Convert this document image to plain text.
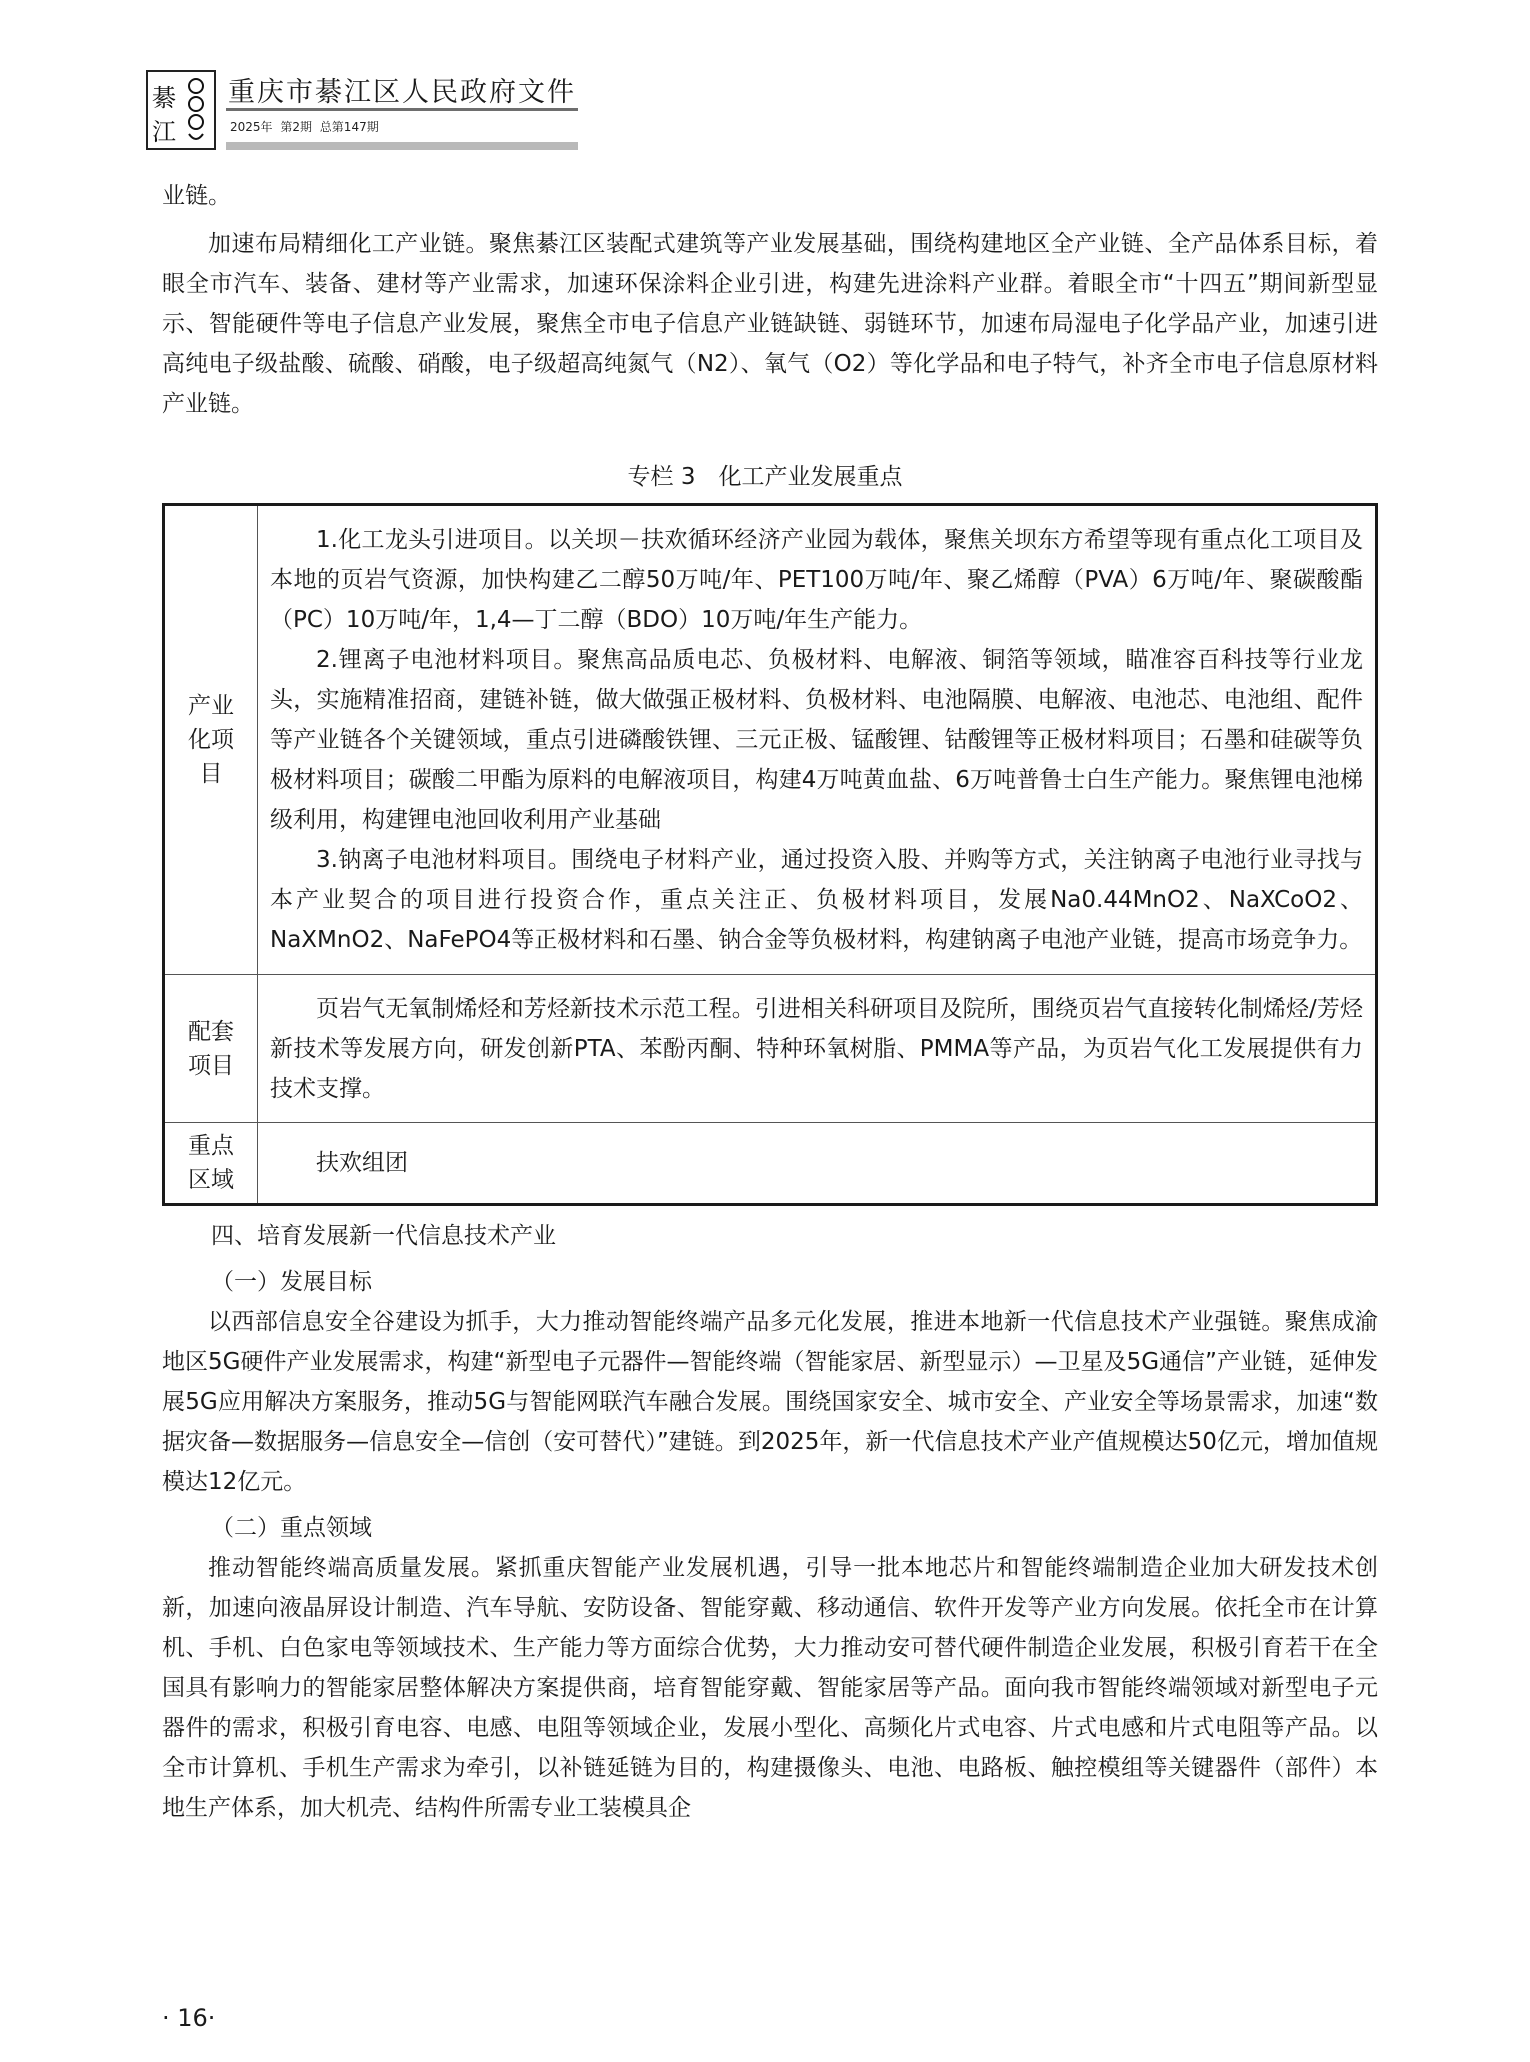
綦
江
重庆市綦江区人民政府文件
2025年 第2期 总第147期
业链。
加速布局精细化工产业链。聚焦綦江区装配式建筑等产业发展基础，围绕构建地区全产业链、全产品体系目标，着眼全市汽车、装备、建材等产业需求，加速环保涂料企业引进，构建先进涂料产业群。着眼全市“十四五”期间新型显示、智能硬件等电子信息产业发展，聚焦全市电子信息产业链缺链、弱链环节，加速布局湿电子化学品产业，加速引进高纯电子级盐酸、硫酸、硝酸，电子级超高纯氮气（N2）、氧气（O2）等化学品和电子特气，补齐全市电子信息原材料产业链。
专栏 3　化工产业发展重点
产业化项目	1.化工龙头引进项目。以关坝－扶欢循环经济产业园为载体，聚焦关坝东方希望等现有重点化工项目及本地的页岩气资源，加快构建乙二醇50万吨/年、PET100万吨/年、聚乙烯醇（PVA）6万吨/年、聚碳酸酯（PC）10万吨/年，1,4—丁二醇（BDO）10万吨/年生产能力。

2.锂离子电池材料项目。聚焦高品质电芯、负极材料、电解液、铜箔等领域，瞄准容百科技等行业龙头，实施精准招商，建链补链，做大做强正极材料、负极材料、电池隔膜、电解液、电池芯、电池组、配件等产业链各个关键领域，重点引进磷酸铁锂、三元正极、锰酸锂、钴酸锂等正极材料项目；石墨和硅碳等负极材料项目；碳酸二甲酯为原料的电解液项目，构建4万吨黄血盐、6万吨普鲁士白生产能力。聚焦锂电池梯级利用，构建锂电池回收利用产业基础

3.钠离子电池材料项目。围绕电子材料产业，通过投资入股、并购等方式，关注钠离子电池行业寻找与本产业契合的项目进行投资合作，重点关注正、负极材料项目，发展Na0.44MnO2、NaXCoO2、NaXMnO2、NaFePO4等正极材料和石墨、钠合金等负极材料，构建钠离子电池产业链，提高市场竞争力。

配套项目	页岩气无氧制烯烃和芳烃新技术示范工程。引进相关科研项目及院所，围绕页岩气直接转化制烯烃/芳烃新技术等发展方向，研发创新PTA、苯酚丙酮、特种环氧树脂、PMMA等产品，为页岩气化工发展提供有力技术支撑。

重点区域	扶欢组团

四、培育发展新一代信息技术产业
（一）发展目标
以西部信息安全谷建设为抓手，大力推动智能终端产品多元化发展，推进本地新一代信息技术产业强链。聚焦成渝地区5G硬件产业发展需求，构建“新型电子元器件—智能终端（智能家居、新型显示）—卫星及5G通信”产业链，延伸发展5G应用解决方案服务，推动5G与智能网联汽车融合发展。围绕国家安全、城市安全、产业安全等场景需求，加速“数据灾备—数据服务—信息安全—信创（安可替代）”建链。到2025年，新一代信息技术产业产值规模达50亿元，增加值规模达12亿元。
（二）重点领域
推动智能终端高质量发展。紧抓重庆智能产业发展机遇，引导一批本地芯片和智能终端制造企业加大研发技术创新，加速向液晶屏设计制造、汽车导航、安防设备、智能穿戴、移动通信、软件开发等产业方向发展。依托全市在计算机、手机、白色家电等领域技术、生产能力等方面综合优势，大力推动安可替代硬件制造企业发展，积极引育若干在全国具有影响力的智能家居整体解决方案提供商，培育智能穿戴、智能家居等产品。面向我市智能终端领域对新型电子元器件的需求，积极引育电容、电感、电阻等领域企业，发展小型化、高频化片式电容、片式电感和片式电阻等产品。以全市计算机、手机生产需求为牵引，以补链延链为目的，构建摄像头、电池、电路板、触控模组等关键器件（部件）本地生产体系，加大机壳、结构件所需专业工装模具企
· 16·
